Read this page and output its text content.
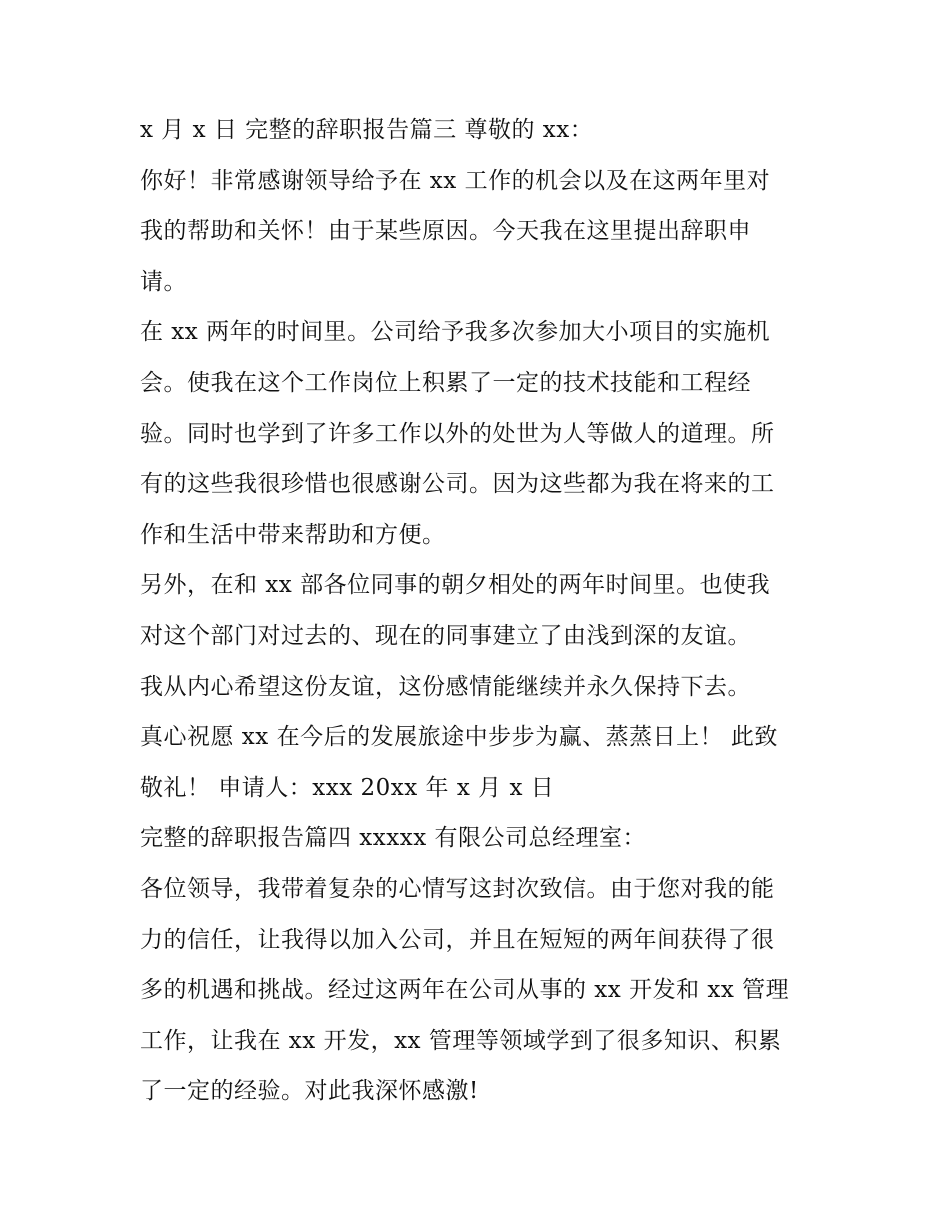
x 月 x 日 完整的辞职报告篇三 尊敬的 xx：

你好！非常感谢领导给予在 xx 工作的机会以及在这两年里对

我的帮助和关怀！由于某些原因。今天我在这里提出辞职申

请。

在 xx 两年的时间里。公司给予我多次参加大小项目的实施机

会。使我在这个工作岗位上积累了一定的技术技能和工程经

验。同时也学到了许多工作以外的处世为人等做人的道理。所

有的这些我很珍惜也很感谢公司。因为这些都为我在将来的工

作和生活中带来帮助和方便。

另外，在和 xx 部各位同事的朝夕相处的两年时间里。也使我

对这个部门对过去的、现在的同事建立了由浅到深的友谊。

我从内心希望这份友谊，这份感情能继续并永久保持下去。

真心祝愿 xx 在今后的发展旅途中步步为赢、蒸蒸日上！ 此致

敬礼！ 申请人：xxx 20xx 年 x 月 x 日

完整的辞职报告篇四 xxxxx 有限公司总经理室：

各位领导，我带着复杂的心情写这封次致信。由于您对我的能

力的信任，让我得以加入公司，并且在短短的两年间获得了很

多的机遇和挑战。经过这两年在公司从事的 xx 开发和 xx 管理

工作，让我在 xx 开发，xx 管理等领域学到了很多知识、积累

了一定的经验。对此我深怀感激!
